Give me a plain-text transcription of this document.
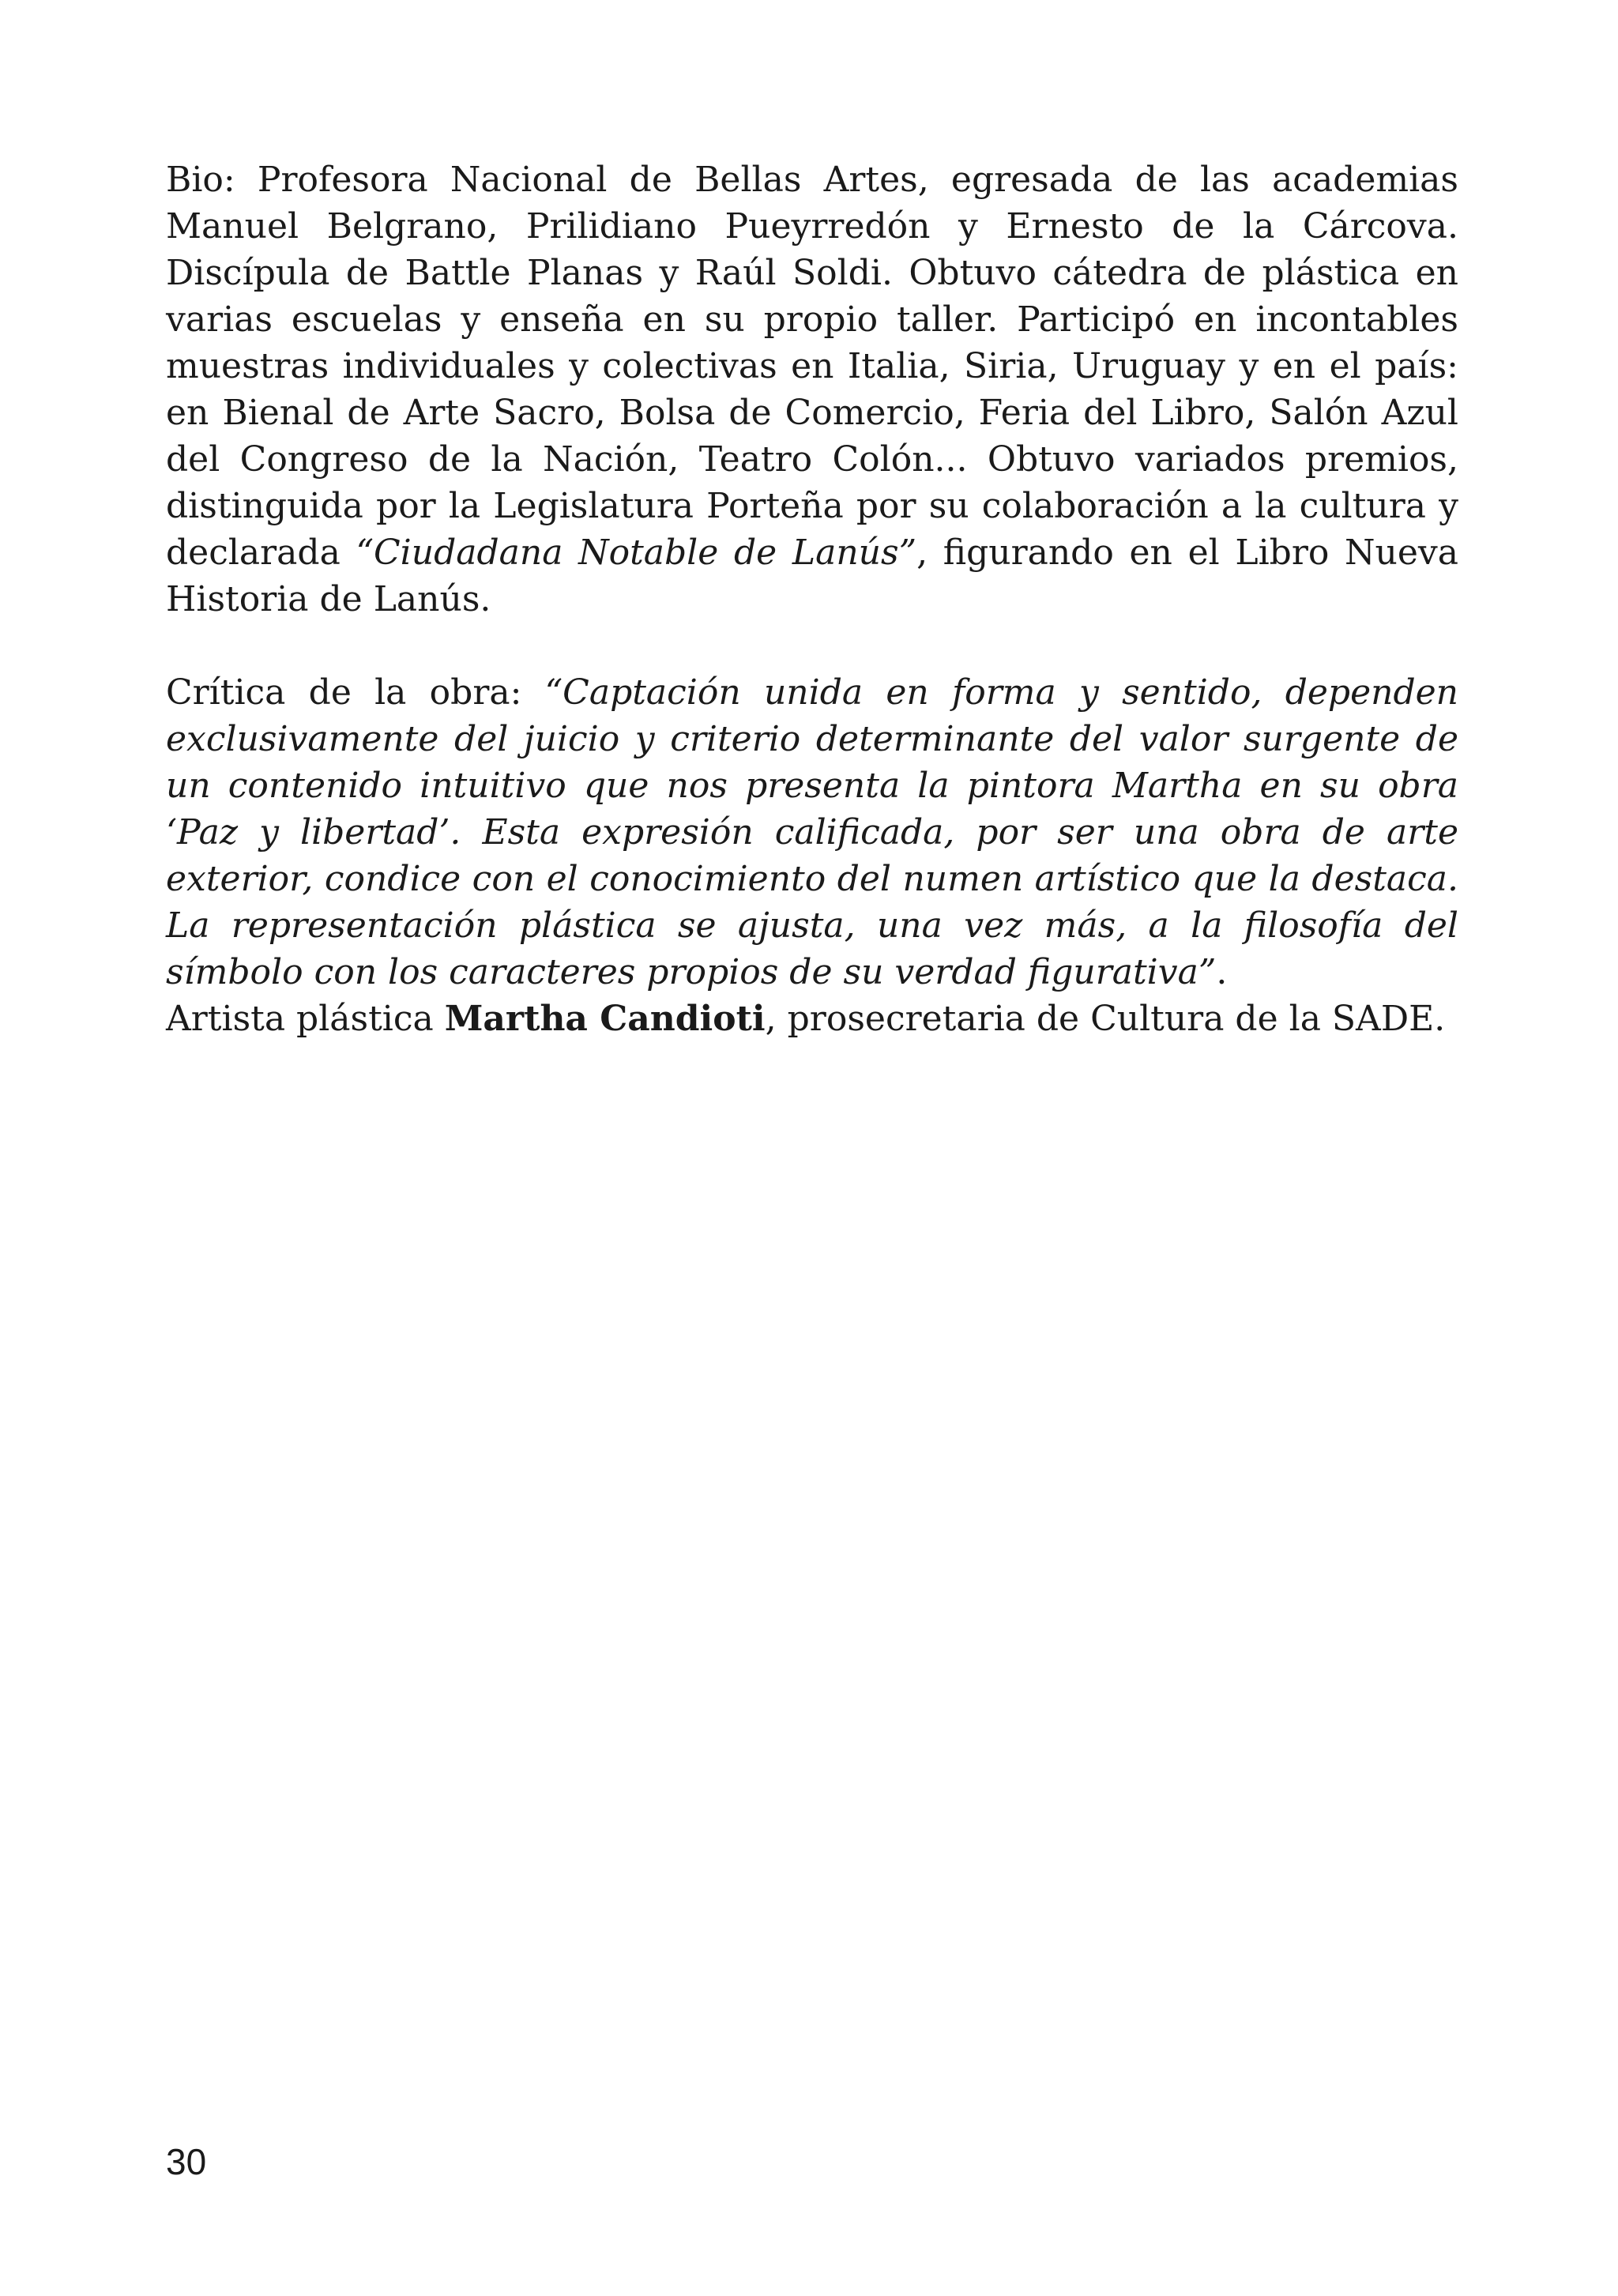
Bio: Profesora Nacional de Bellas Artes, egresada de las academias Manuel Belgrano, Prilidiano Pueyrredón y Ernesto de la Cárcova. Discípula de Battle Planas y Raúl Soldi. Obtuvo cátedra de plástica en varias escuelas y enseña en su propio taller. Participó en incontables muestras individuales y colectivas en Italia, Siria, Uruguay y en el país: en Bienal de Arte Sacro, Bolsa de Comercio, Feria del Libro, Salón Azul del Congreso de la Nación, Teatro Colón... Obtuvo variados premios, distinguida por la Legislatura Porteña por su colaboración a la cultura y declarada “Ciudadana Notable de Lanús”, figurando en el Libro Nueva Historia de Lanús.

Crítica de la obra: “Captación unida en forma y sentido, dependen exclusivamente del juicio y criterio determinante del valor surgente de un contenido intuitivo que nos presenta la pintora Martha en su obra ‘Paz y libertad’. Esta expresión calificada, por ser una obra de arte exterior, condice con el conocimiento del numen artístico que la destaca. La representación plástica se ajusta, una vez más, a la filosofía del símbolo con los caracteres propios de su verdad figurativa”.

Artista plástica Martha Candioti, prosecretaria de Cultura de la SADE.

30
